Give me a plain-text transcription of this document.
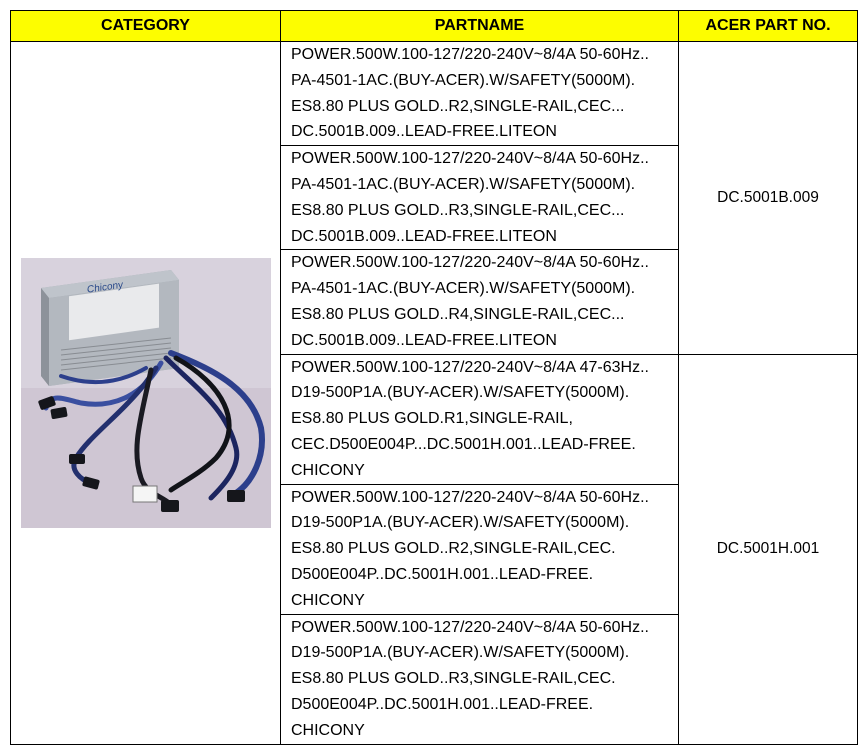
CATEGORY	PARTNAME	ACER PART NO.

Chicony	POWER.500W.100-127/220-240V~8/4A 50-60Hz..
PA-4501-1AC.(BUY-ACER).W/SAFETY(5000M).
ES8.80 PLUS GOLD..R2,SINGLE-RAIL,CEC...
DC.5001B.009..LEAD-FREE.LITEON	DC.5001B.009

	POWER.500W.100-127/220-240V~8/4A 50-60Hz..
PA-4501-1AC.(BUY-ACER).W/SAFETY(5000M).
ES8.80 PLUS GOLD..R3,SINGLE-RAIL,CEC...
DC.5001B.009..LEAD-FREE.LITEON	

	POWER.500W.100-127/220-240V~8/4A 50-60Hz..
PA-4501-1AC.(BUY-ACER).W/SAFETY(5000M).
ES8.80 PLUS GOLD..R4,SINGLE-RAIL,CEC...
DC.5001B.009..LEAD-FREE.LITEON	

	POWER.500W.100-127/220-240V~8/4A 47-63Hz..
D19-500P1A.(BUY-ACER).W/SAFETY(5000M).
ES8.80 PLUS GOLD.R1,SINGLE-RAIL,
CEC.D500E004P...DC.5001H.001..LEAD-FREE.
CHICONY	DC.5001H.001

	POWER.500W.100-127/220-240V~8/4A 50-60Hz..
D19-500P1A.(BUY-ACER).W/SAFETY(5000M).
ES8.80 PLUS GOLD..R2,SINGLE-RAIL,CEC.
D500E004P..DC.5001H.001..LEAD-FREE.
CHICONY	

	POWER.500W.100-127/220-240V~8/4A 50-60Hz..
D19-500P1A.(BUY-ACER).W/SAFETY(5000M).
ES8.80 PLUS GOLD..R3,SINGLE-RAIL,CEC.
D500E004P..DC.5001H.001..LEAD-FREE.
CHICONY	
